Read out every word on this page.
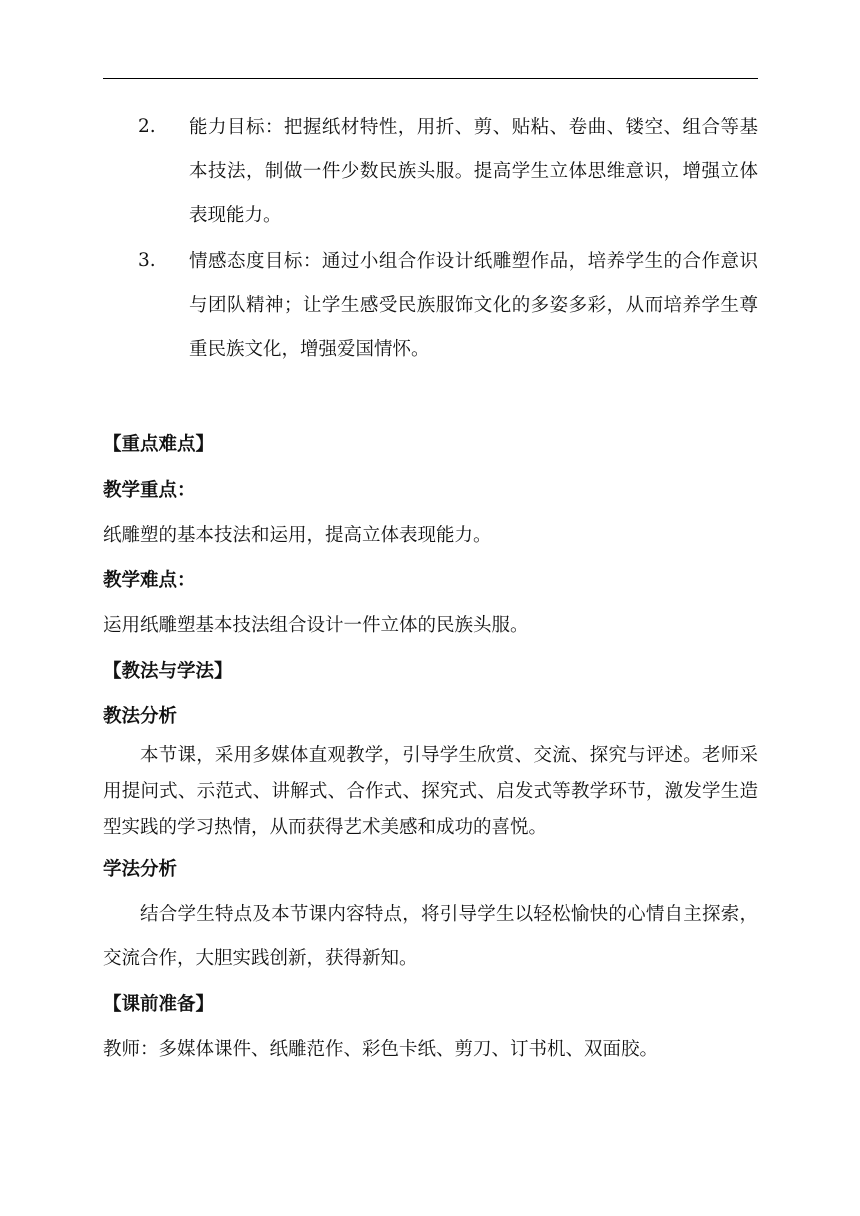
2. 能力目标：把握纸材特性，用折、剪、贴粘、卷曲、镂空、组合等基本技法，制做一件少数民族头服。提高学生立体思维意识，增强立体表现能力。
3. 情感态度目标：通过小组合作设计纸雕塑作品，培养学生的合作意识与团队精神；让学生感受民族服饰文化的多姿多彩，从而培养学生尊重民族文化，增强爱国情怀。
【重点难点】
教学重点：
纸雕塑的基本技法和运用，提高立体表现能力。
教学难点：
运用纸雕塑基本技法组合设计一件立体的民族头服。
【教法与学法】
教法分析
本节课，采用多媒体直观教学，引导学生欣赏、交流、探究与评述。老师采用提问式、示范式、讲解式、合作式、探究式、启发式等教学环节，激发学生造型实践的学习热情，从而获得艺术美感和成功的喜悦。
学法分析
结合学生特点及本节课内容特点，将引导学生以轻松愉快的心情自主探索，交流合作，大胆实践创新，获得新知。
【课前准备】
教师：多媒体课件、纸雕范作、彩色卡纸、剪刀、订书机、双面胶。
